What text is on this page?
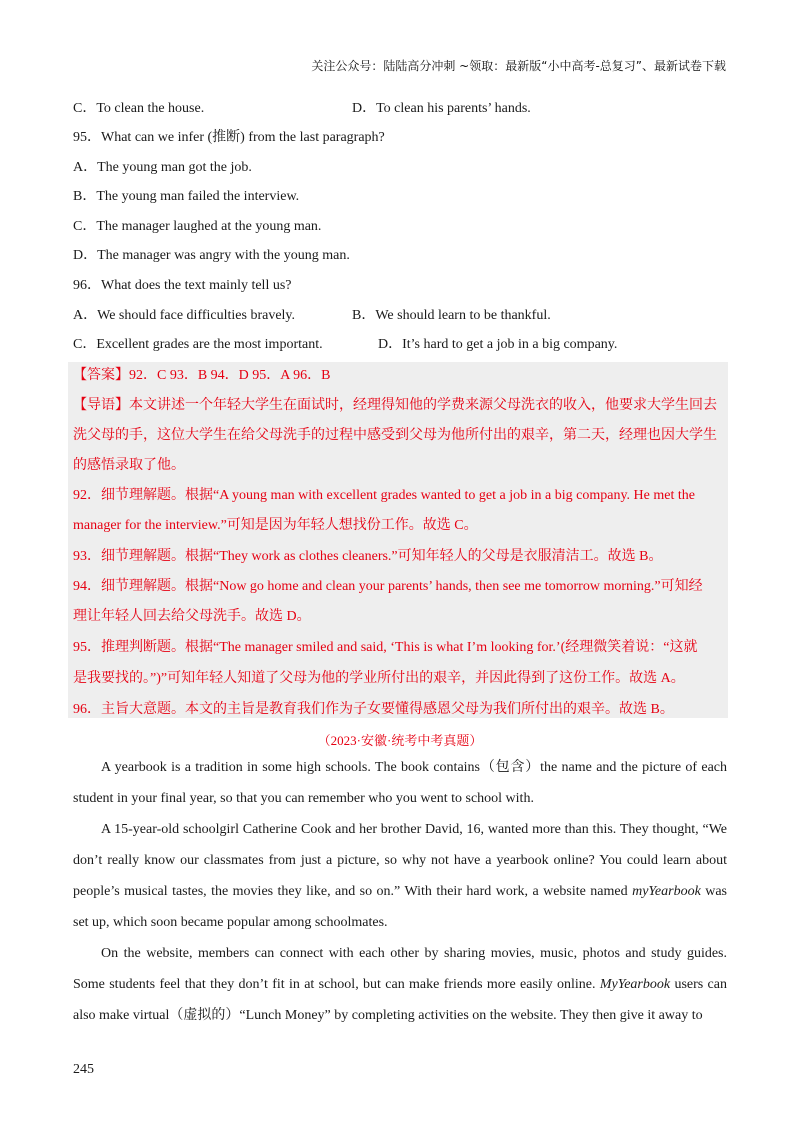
关注公众号：陆陆高分冲刺 ~领取：最新版“小中高考-总复习”、最新试卷下载
C．To clean the house.	D．To clean his parents’ hands.
95．What can we infer (推断) from the last paragraph?
A．The young man got the job.
B．The young man failed the interview.
C．The manager laughed at the young man.
D．The manager was angry with the young man.
96．What does the text mainly tell us?
A．We should face difficulties bravely.	B．We should learn to be thankful.
C．Excellent grades are the most important.	D．It’s hard to get a job in a big company.
【答案】92．C 93．B 94．D 95．A 96．B
【导语】本文讲述一个年轻大学生在面试时，经理得知他的学费来源父母洗衣的收入，他要求大学生回去
洗父母的手，这位大学生在给父母洗手的过程中感受到父母为他所付出的艰辛，第二天，经理也因大学生
的感悟录取了他。
92．细节理解题。根据“A young man with excellent grades wanted to get a job in a big company. He met the
manager for the interview.”可知是因为年轻人想找份工作。故选 C。
93．细节理解题。根据“They work as clothes cleaners.”可知年轻人的父母是衣服清洁工。故选 B。
94．细节理解题。根据“Now go home and clean your parents’ hands, then see me tomorrow morning.”可知经
理让年轻人回去给父母洗手。故选 D。
95．推理判断题。根据“The manager smiled and said, ‘This is what I’m looking for.’(经理微笑着说：“这就
是我要找的。”)”可知年轻人知道了父母为他的学业所付出的艰辛，并因此得到了这份工作。故选 A。
96．主旨大意题。本文的主旨是教育我们作为子女要懂得感恩父母为我们所付出的艰辛。故选 B。
（2023·安徽·统考中考真题）
A yearbook is a tradition in some high schools. The book contains（包含）the name and the picture of each student in your final year, so that you can remember who you went to school with.
A 15-year-old schoolgirl Catherine Cook and her brother David, 16, wanted more than this. They thought, “We don’t really know our classmates from just a picture, so why not have a yearbook online? You could learn about people’s musical tastes, the movies they like, and so on.” With their hard work, a website named myYearbook was set up, which soon became popular among schoolmates.
On the website, members can connect with each other by sharing movies, music, photos and study guides. Some students feel that they don’t fit in at school, but can make friends more easily online. MyYearbook users can also make virtual（虚拟的）“Lunch Money” by completing activities on the website. They then give it away to
245
